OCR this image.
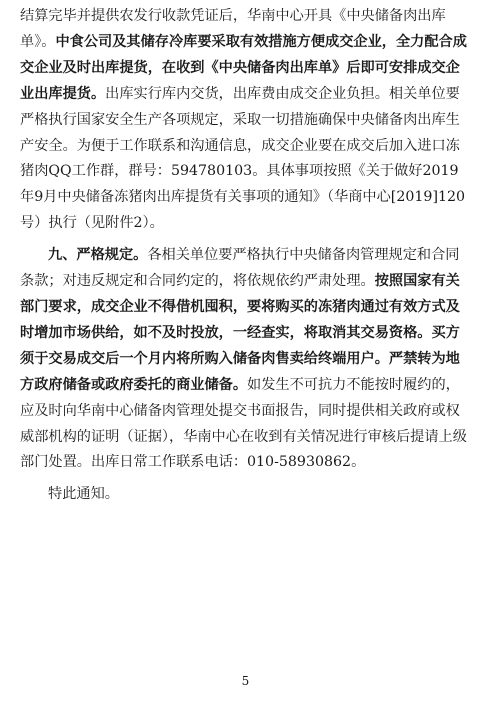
结算完毕并提供农发行收款凭证后，华南中心开具《中央储备肉出库单》。中食公司及其储存冷库要采取有效措施方便成交企业，全力配合成交企业及时出库提货，在收到《中央储备肉出库单》后即可安排成交企业出库提货。出库实行库内交货，出库费由成交企业负担。相关单位要严格执行国家安全生产各项规定，采取一切措施确保中央储备肉出库生产安全。为便于工作联系和沟通信息，成交企业要在成交后加入进口冻猪肉QQ工作群，群号：594780103。具体事项按照《关于做好2019年9月中央储备冻猪肉出库提货有关事项的通知》（华商中心[2019]120号）执行（见附件2）。

九、严格规定。各相关单位要严格执行中央储备肉管理规定和合同条款；对违反规定和合同约定的，将依规依约严肃处理。按照国家有关部门要求，成交企业不得借机囤积，要将购买的冻猪肉通过有效方式及时增加市场供给，如不及时投放，一经查实，将取消其交易资格。买方须于交易成交后一个月内将所购入储备肉售卖给终端用户。严禁转为地方政府储备或政府委托的商业储备。如发生不可抗力不能按时履约的，应及时向华南中心储备肉管理处提交书面报告，同时提供相关政府或权威部机构的证明（证据），华南中心在收到有关情况进行审核后提请上级部门处置。出库日常工作联系电话：010-58930862。

特此通知。

5
